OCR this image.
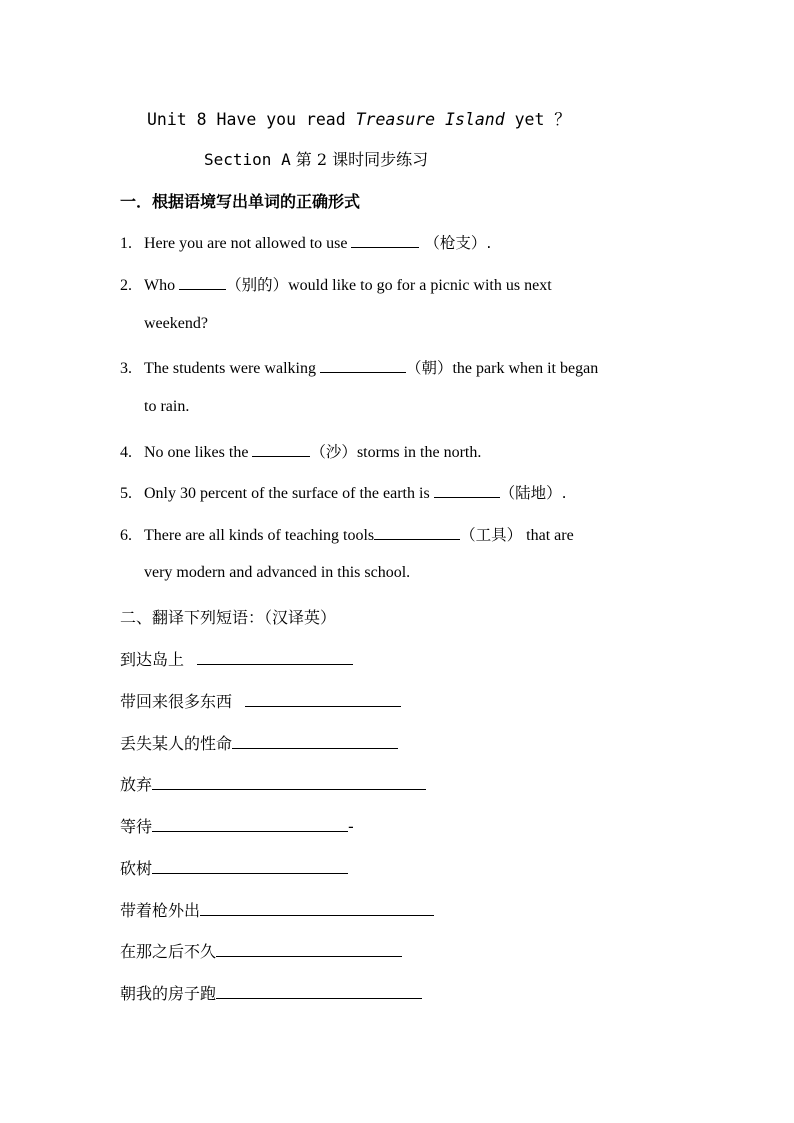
Unit 8 Have you read Treasure Island yet ？
Section A 第 2 课时同步练习
一．根据语境写出单词的正确形式
1. Here you are not allowed to use	（枪支）.
2. Who	（别的）would like to go for a picnic with us next
weekend?
3. The students were walking	（朝）the park when it began
to rain.
4. No one likes the	（沙）storms in the north.
5. Only 30 percent of the surface of the earth is	（陆地）.
6. There are all kinds of teaching tools	（工具） that are
very modern and advanced in this school.
二、翻译下列短语：（汉译英）
到达岛上
带回来很多东西
丢失某人的性命
放弃
等待	-
砍树
带着枪外出
在那之后不久
朝我的房子跑
